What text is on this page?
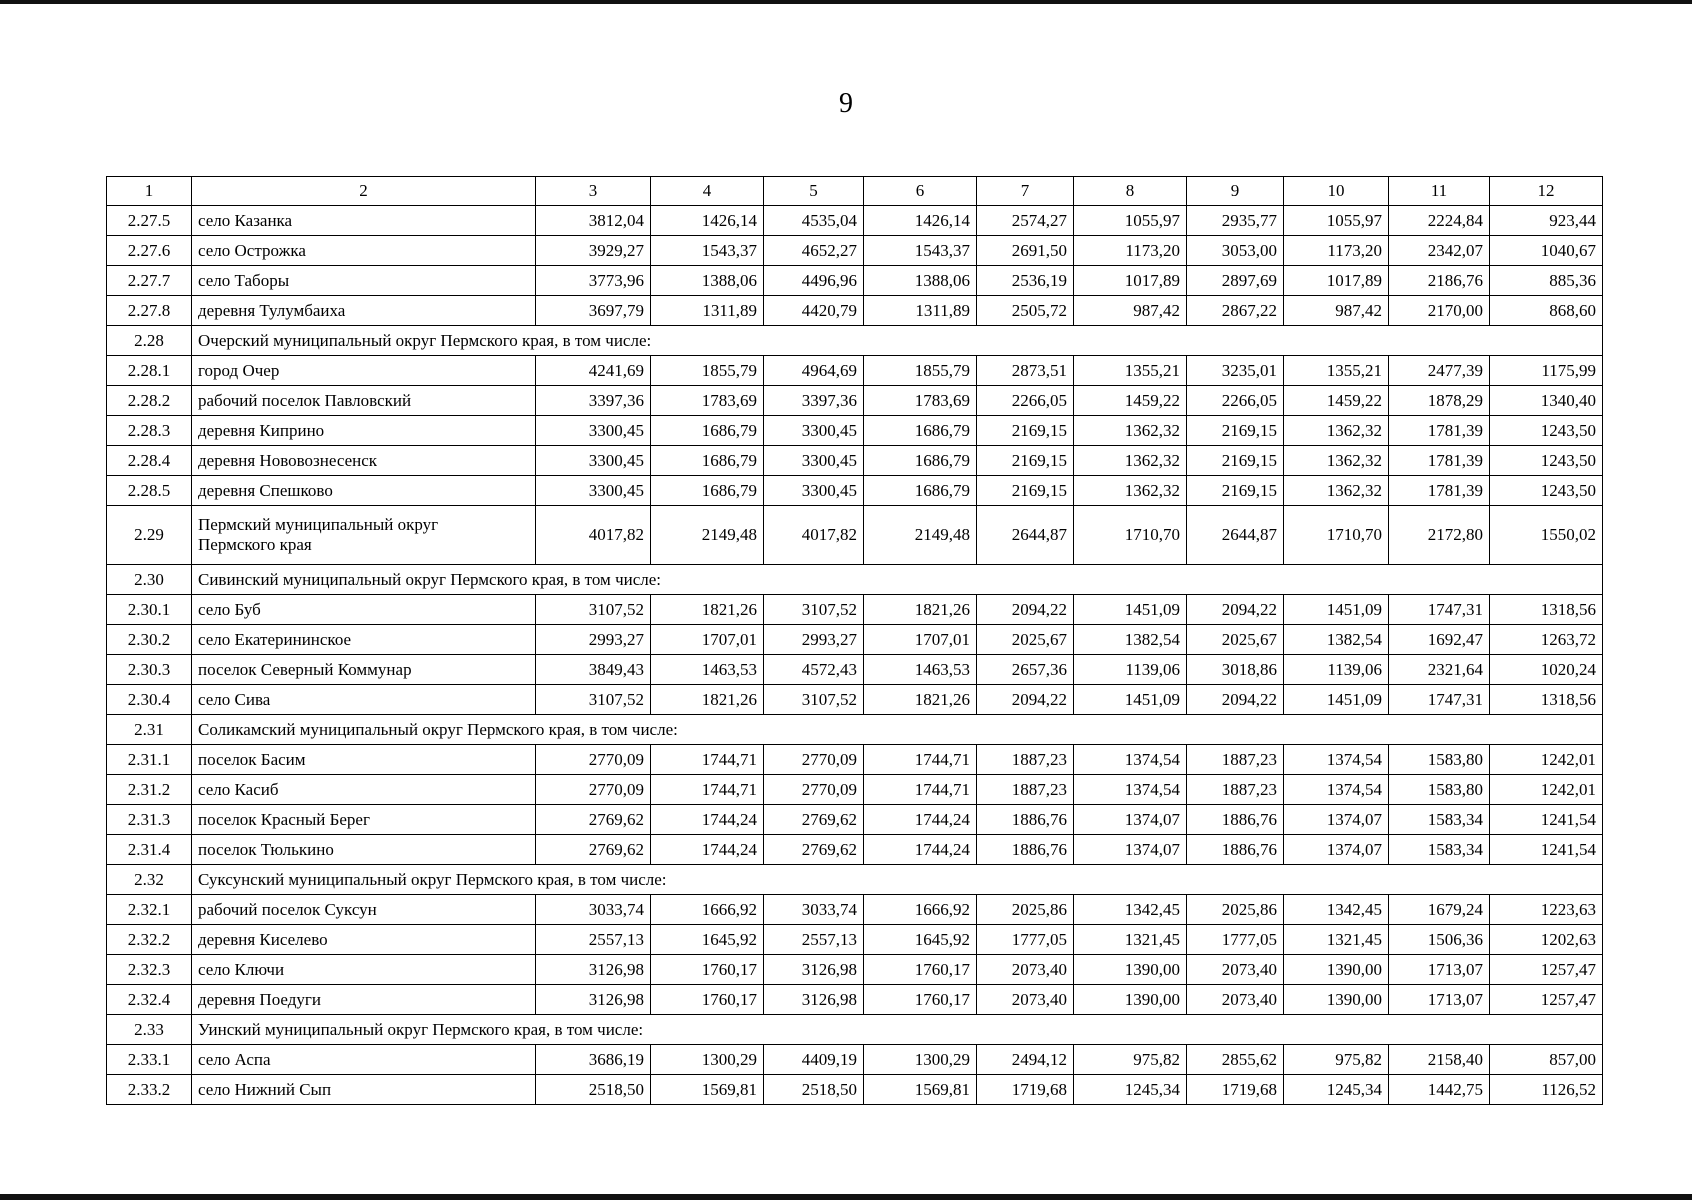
9
1	2	3	4	5	6	7	8	9	10	11	12
2.27.5	село Казанка	3812,04	1426,14	4535,04	1426,14	2574,27	1055,97	2935,77	1055,97	2224,84	923,44
2.27.6	село Острожка	3929,27	1543,37	4652,27	1543,37	2691,50	1173,20	3053,00	1173,20	2342,07	1040,67
2.27.7	село Таборы	3773,96	1388,06	4496,96	1388,06	2536,19	1017,89	2897,69	1017,89	2186,76	885,36
2.27.8	деревня Тулумбаиха	3697,79	1311,89	4420,79	1311,89	2505,72	987,42	2867,22	987,42	2170,00	868,60
2.28	Очерский муниципальный округ Пермского края, в том числе:										
2.28.1	город Очер	4241,69	1855,79	4964,69	1855,79	2873,51	1355,21	3235,01	1355,21	2477,39	1175,99
2.28.2	рабочий поселок Павловский	3397,36	1783,69	3397,36	1783,69	2266,05	1459,22	2266,05	1459,22	1878,29	1340,40
2.28.3	деревня Киприно	3300,45	1686,79	3300,45	1686,79	2169,15	1362,32	2169,15	1362,32	1781,39	1243,50
2.28.4	деревня Нововознесенск	3300,45	1686,79	3300,45	1686,79	2169,15	1362,32	2169,15	1362,32	1781,39	1243,50
2.28.5	деревня Спешково	3300,45	1686,79	3300,45	1686,79	2169,15	1362,32	2169,15	1362,32	1781,39	1243,50
2.29	Пермский муниципальный округ
Пермского края	4017,82	2149,48	4017,82	2149,48	2644,87	1710,70	2644,87	1710,70	2172,80	1550,02
2.30	Сивинский муниципальный округ Пермского края, в том числе:										
2.30.1	село Буб	3107,52	1821,26	3107,52	1821,26	2094,22	1451,09	2094,22	1451,09	1747,31	1318,56
2.30.2	село Екатерининское	2993,27	1707,01	2993,27	1707,01	2025,67	1382,54	2025,67	1382,54	1692,47	1263,72
2.30.3	поселок Северный Коммунар	3849,43	1463,53	4572,43	1463,53	2657,36	1139,06	3018,86	1139,06	2321,64	1020,24
2.30.4	село Сива	3107,52	1821,26	3107,52	1821,26	2094,22	1451,09	2094,22	1451,09	1747,31	1318,56
2.31	Соликамский муниципальный округ Пермского края, в том числе:										
2.31.1	поселок Басим	2770,09	1744,71	2770,09	1744,71	1887,23	1374,54	1887,23	1374,54	1583,80	1242,01
2.31.2	село Касиб	2770,09	1744,71	2770,09	1744,71	1887,23	1374,54	1887,23	1374,54	1583,80	1242,01
2.31.3	поселок Красный Берег	2769,62	1744,24	2769,62	1744,24	1886,76	1374,07	1886,76	1374,07	1583,34	1241,54
2.31.4	поселок Тюлькино	2769,62	1744,24	2769,62	1744,24	1886,76	1374,07	1886,76	1374,07	1583,34	1241,54
2.32	Суксунский муниципальный округ Пермского края, в том числе:										
2.32.1	рабочий поселок Суксун	3033,74	1666,92	3033,74	1666,92	2025,86	1342,45	2025,86	1342,45	1679,24	1223,63
2.32.2	деревня Киселево	2557,13	1645,92	2557,13	1645,92	1777,05	1321,45	1777,05	1321,45	1506,36	1202,63
2.32.3	село Ключи	3126,98	1760,17	3126,98	1760,17	2073,40	1390,00	2073,40	1390,00	1713,07	1257,47
2.32.4	деревня Поедуги	3126,98	1760,17	3126,98	1760,17	2073,40	1390,00	2073,40	1390,00	1713,07	1257,47
2.33	Уинский муниципальный округ Пермского края, в том числе:										
2.33.1	село Аспа	3686,19	1300,29	4409,19	1300,29	2494,12	975,82	2855,62	975,82	2158,40	857,00
2.33.2	село Нижний Сып	2518,50	1569,81	2518,50	1569,81	1719,68	1245,34	1719,68	1245,34	1442,75	1126,52
